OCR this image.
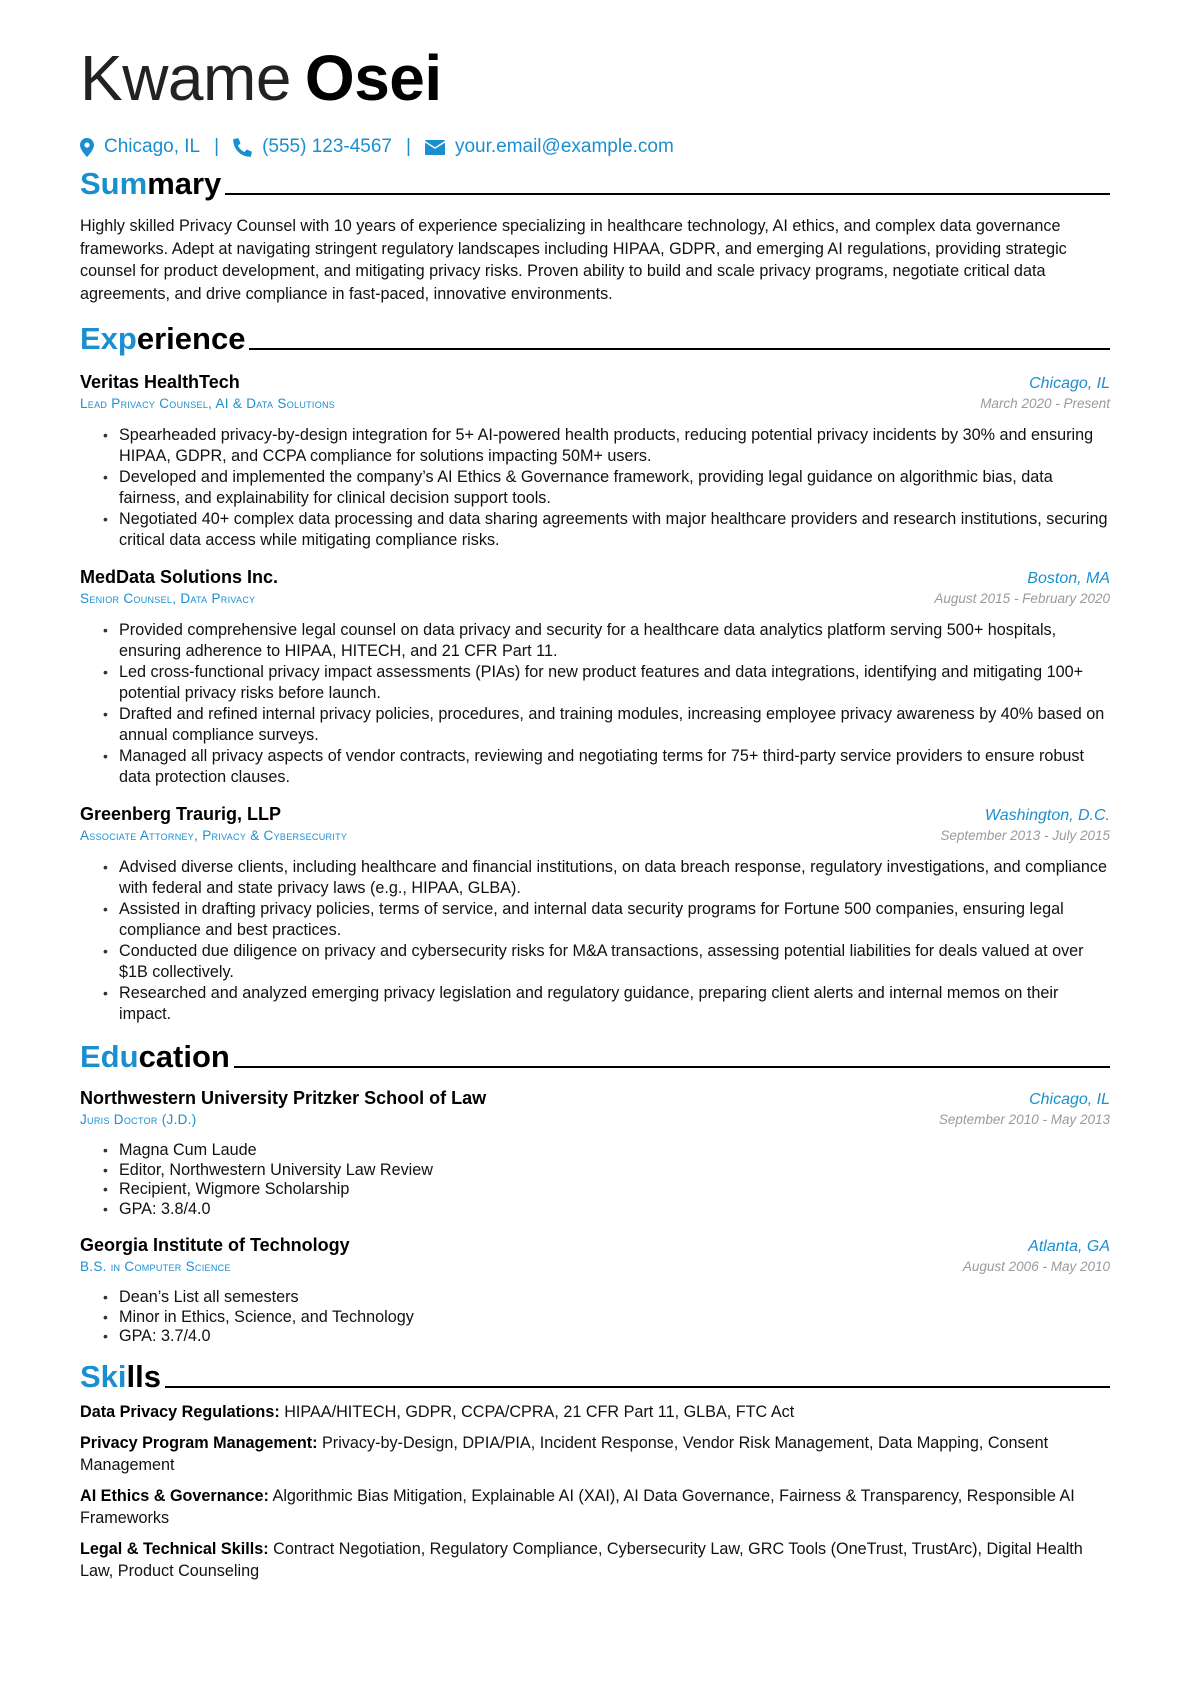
Kwame Osei
Chicago, IL | (555) 123-4567 | your.email@example.com
Summary
Highly skilled Privacy Counsel with 10 years of experience specializing in healthcare technology, AI ethics, and complex data governance frameworks. Adept at navigating stringent regulatory landscapes including HIPAA, GDPR, and emerging AI regulations, providing strategic counsel for product development, and mitigating privacy risks. Proven ability to build and scale privacy programs, negotiate critical data agreements, and drive compliance in fast-paced, innovative environments.
Experience
Veritas HealthTech	Chicago, IL
Lead Privacy Counsel, AI & Data Solutions	March 2020 - Present
• Spearheaded privacy-by-design integration for 5+ AI-powered health products, reducing potential privacy incidents by 30% and ensuring HIPAA, GDPR, and CCPA compliance for solutions impacting 50M+ users.
• Developed and implemented the company’s AI Ethics & Governance framework, providing legal guidance on algorithmic bias, data fairness, and explainability for clinical decision support tools.
• Negotiated 40+ complex data processing and data sharing agreements with major healthcare providers and research institutions, securing critical data access while mitigating compliance risks.
MedData Solutions Inc.	Boston, MA
Senior Counsel, Data Privacy	August 2015 - February 2020
• Provided comprehensive legal counsel on data privacy and security for a healthcare data analytics platform serving 500+ hospitals, ensuring adherence to HIPAA, HITECH, and 21 CFR Part 11.
• Led cross-functional privacy impact assessments (PIAs) for new product features and data integrations, identifying and mitigating 100+ potential privacy risks before launch.
• Drafted and refined internal privacy policies, procedures, and training modules, increasing employee privacy awareness by 40% based on annual compliance surveys.
• Managed all privacy aspects of vendor contracts, reviewing and negotiating terms for 75+ third-party service providers to ensure robust data protection clauses.
Greenberg Traurig, LLP	Washington, D.C.
Associate Attorney, Privacy & Cybersecurity	September 2013 - July 2015
• Advised diverse clients, including healthcare and financial institutions, on data breach response, regulatory investigations, and compliance with federal and state privacy laws (e.g., HIPAA, GLBA).
• Assisted in drafting privacy policies, terms of service, and internal data security programs for Fortune 500 companies, ensuring legal compliance and best practices.
• Conducted due diligence on privacy and cybersecurity risks for M&A transactions, assessing potential liabilities for deals valued at over $1B collectively.
• Researched and analyzed emerging privacy legislation and regulatory guidance, preparing client alerts and internal memos on their impact.
Education
Northwestern University Pritzker School of Law	Chicago, IL
Juris Doctor (J.D.)	September 2010 - May 2013
• Magna Cum Laude
• Editor, Northwestern University Law Review
• Recipient, Wigmore Scholarship
• GPA: 3.8/4.0
Georgia Institute of Technology	Atlanta, GA
B.S. in Computer Science	August 2006 - May 2010
• Dean’s List all semesters
• Minor in Ethics, Science, and Technology
• GPA: 3.7/4.0
Skills
Data Privacy Regulations: HIPAA/HITECH, GDPR, CCPA/CPRA, 21 CFR Part 11, GLBA, FTC Act
Privacy Program Management: Privacy-by-Design, DPIA/PIA, Incident Response, Vendor Risk Management, Data Mapping, Consent Management
AI Ethics & Governance: Algorithmic Bias Mitigation, Explainable AI (XAI), AI Data Governance, Fairness & Transparency, Responsible AI Frameworks
Legal & Technical Skills: Contract Negotiation, Regulatory Compliance, Cybersecurity Law, GRC Tools (OneTrust, TrustArc), Digital Health Law, Product Counseling
